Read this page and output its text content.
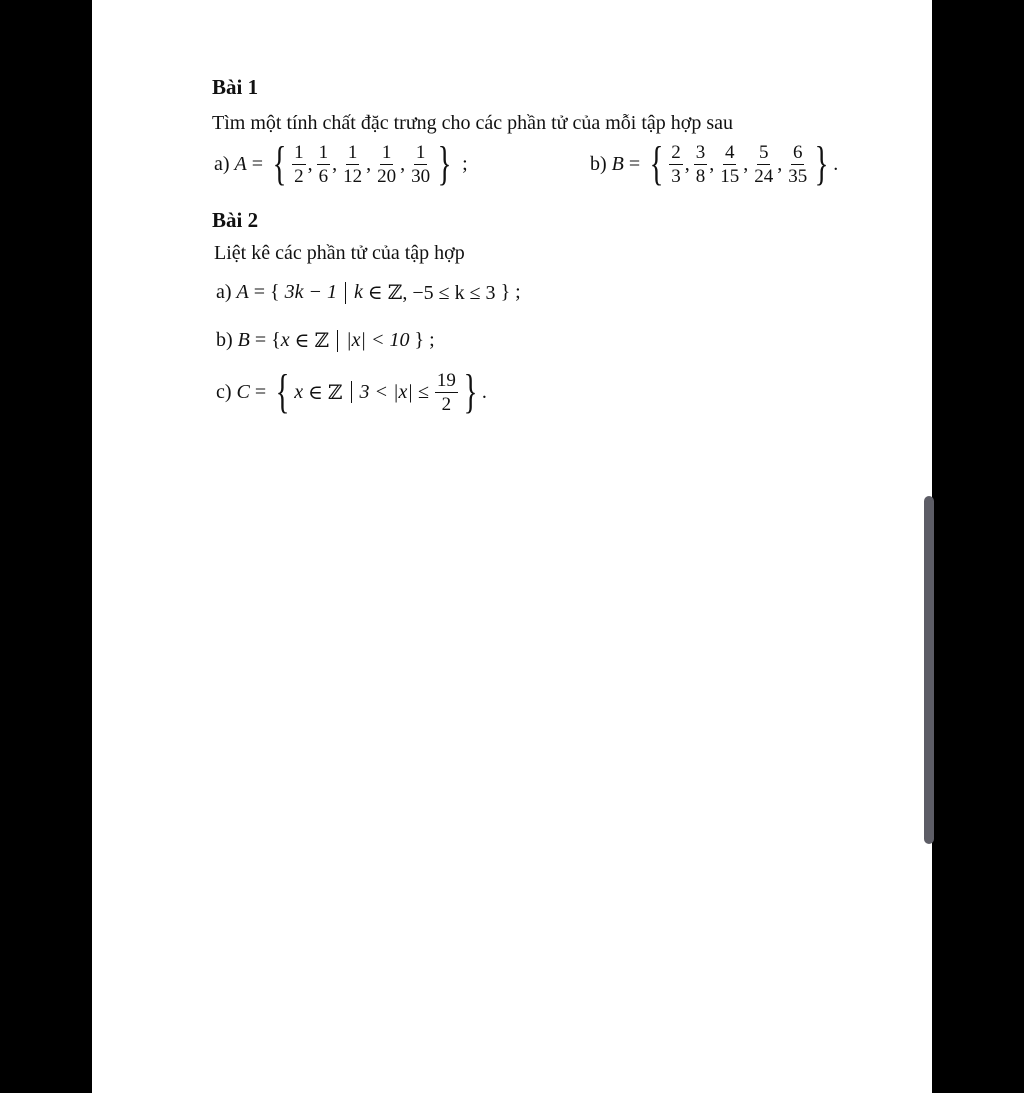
Bài 1
Tìm một tính chất đặc trưng cho các phần tử của mỗi tập hợp sau
a)
A = { $\frac{1}{2}$ , $\frac{1}{6}$ , $\frac{1}{12}$ , $\frac{1}{20}$ , $\frac{1}{30}$ } ;	b)
B = { $\frac{2}{3}$ , $\frac{3}{8}$ , $\frac{4}{15}$ , $\frac{5}{24}$ , $\frac{6}{35}$ } .
Bài 2
Liệt kê các phần tử của tập hợp
a)
A = { 3k − 1 k
∈ ℤ, −5 ≤ k ≤ 3 } ;
b)
B = { x
∈ ℤ |x| < 10 } ;
c)
C = { x
∈ ℤ 3 < |x| ≤
$\frac{19}{2}$ } .
